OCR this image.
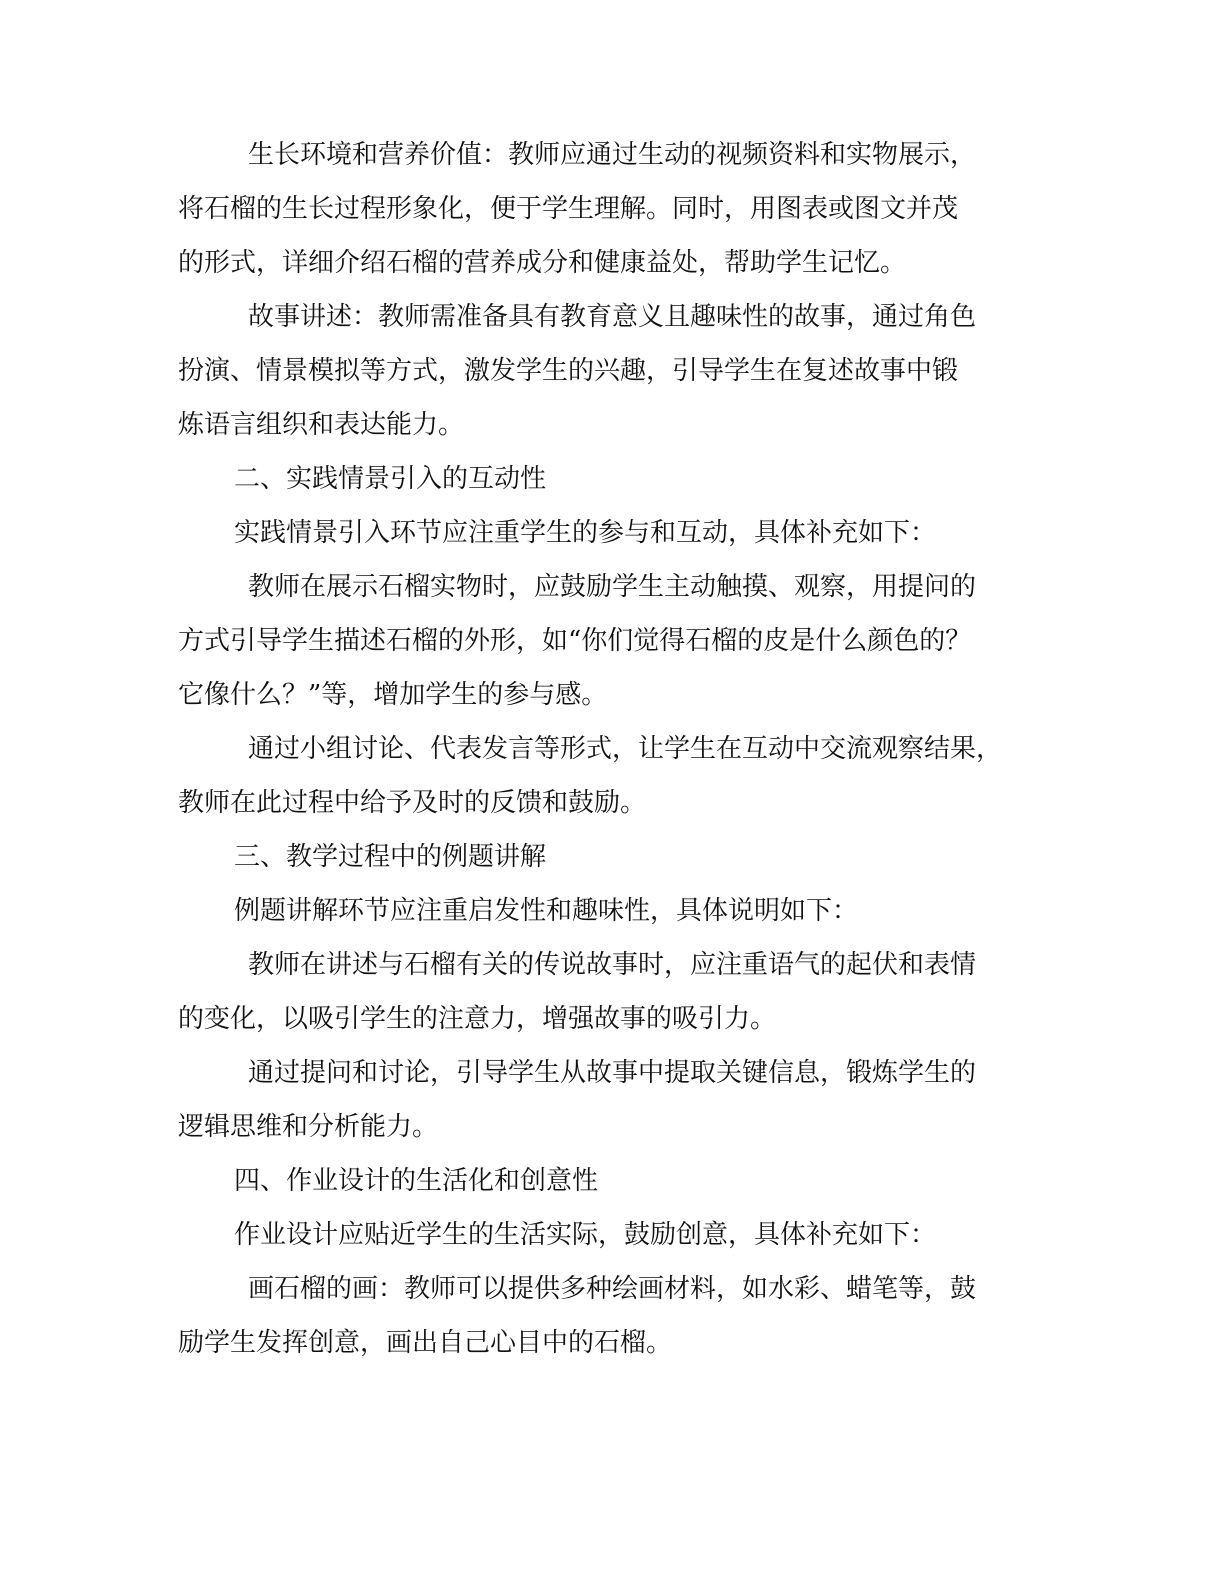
生长环境和营养价值：教师应通过生动的视频资料和实物展示，

将石榴的生长过程形象化，便于学生理解。同时，用图表或图文并茂

的形式，详细介绍石榴的营养成分和健康益处，帮助学生记忆。

故事讲述：教师需准备具有教育意义且趣味性的故事，通过角色

扮演、情景模拟等方式，激发学生的兴趣，引导学生在复述故事中锻

炼语言组织和表达能力。

二、实践情景引入的互动性

实践情景引入环节应注重学生的参与和互动，具体补充如下：

教师在展示石榴实物时，应鼓励学生主动触摸、观察，用提问的

方式引导学生描述石榴的外形，如“你们觉得石榴的皮是什么颜色的？

它像什么？”等，增加学生的参与感。

通过小组讨论、代表发言等形式，让学生在互动中交流观察结果，

教师在此过程中给予及时的反馈和鼓励。

三、教学过程中的例题讲解

例题讲解环节应注重启发性和趣味性，具体说明如下：

教师在讲述与石榴有关的传说故事时，应注重语气的起伏和表情

的变化，以吸引学生的注意力，增强故事的吸引力。

通过提问和讨论，引导学生从故事中提取关键信息，锻炼学生的

逻辑思维和分析能力。

四、作业设计的生活化和创意性

作业设计应贴近学生的生活实际，鼓励创意，具体补充如下：

画石榴的画：教师可以提供多种绘画材料，如水彩、蜡笔等，鼓

励学生发挥创意，画出自己心目中的石榴。
